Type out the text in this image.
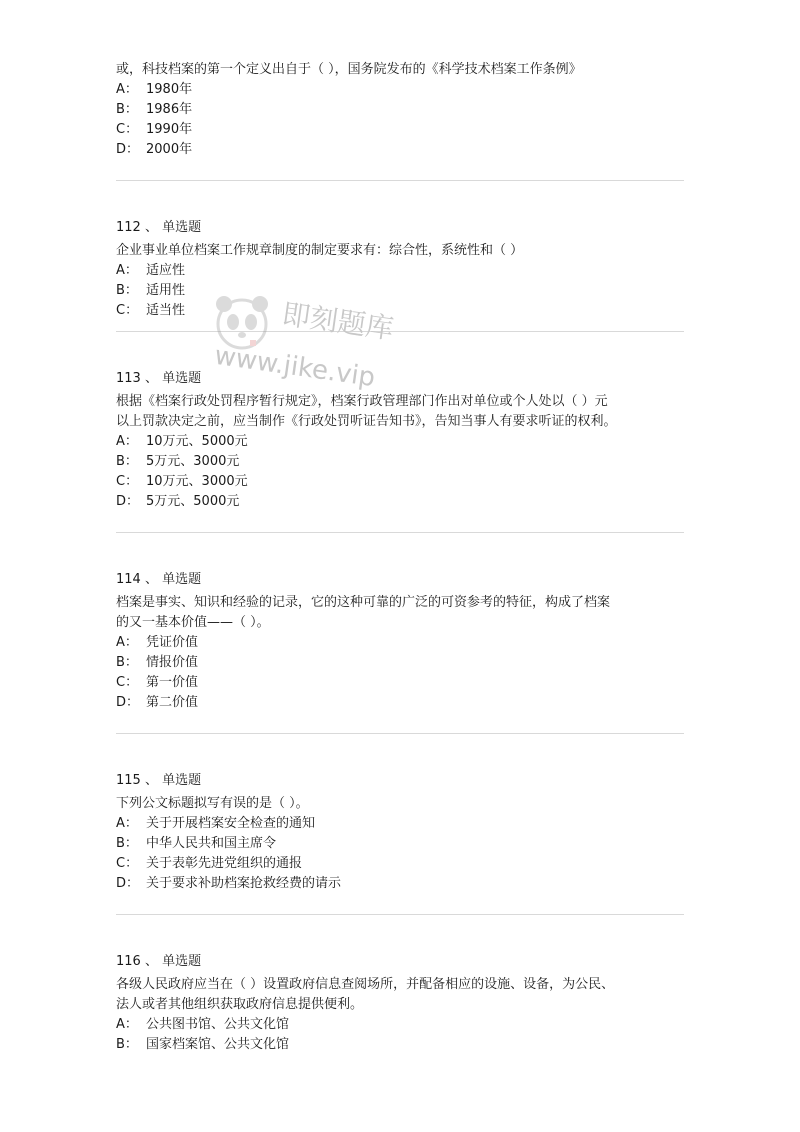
或，科技档案的第一个定义出自于（ ），国务院发布的《科学技术档案工作条例》
A： 1980年
B： 1986年
C： 1990年
D： 2000年
112 、 单选题
企业事业单位档案工作规章制度的制定要求有：综合性，系统性和（ ）
A： 适应性
B： 适用性
C： 适当性
113 、 单选题
根据《档案行政处罚程序暂行规定》，档案行政管理部门作出对单位或个人处以（ ）元
以上罚款决定之前，应当制作《行政处罚听证告知书》，告知当事人有要求听证的权利。
A： 10万元、5000元
B： 5万元、3000元
C： 10万元、3000元
D： 5万元、5000元
114 、 单选题
档案是事实、知识和经验的记录，它的这种可靠的广泛的可资参考的特征，构成了档案
的又一基本价值——（ ）。
A： 凭证价值
B： 情报价值
C： 第一价值
D： 第二价值
115 、 单选题
下列公文标题拟写有误的是（ ）。
A： 关于开展档案安全检查的通知
B： 中华人民共和国主席令
C： 关于表彰先进党组织的通报
D： 关于要求补助档案抢救经费的请示
116 、 单选题
各级人民政府应当在（ ）设置政府信息查阅场所，并配备相应的设施、设备，为公民、
法人或者其他组织获取政府信息提供便利。
A： 公共图书馆、公共文化馆
B： 国家档案馆、公共文化馆
即刻题库
www.jike.vip
